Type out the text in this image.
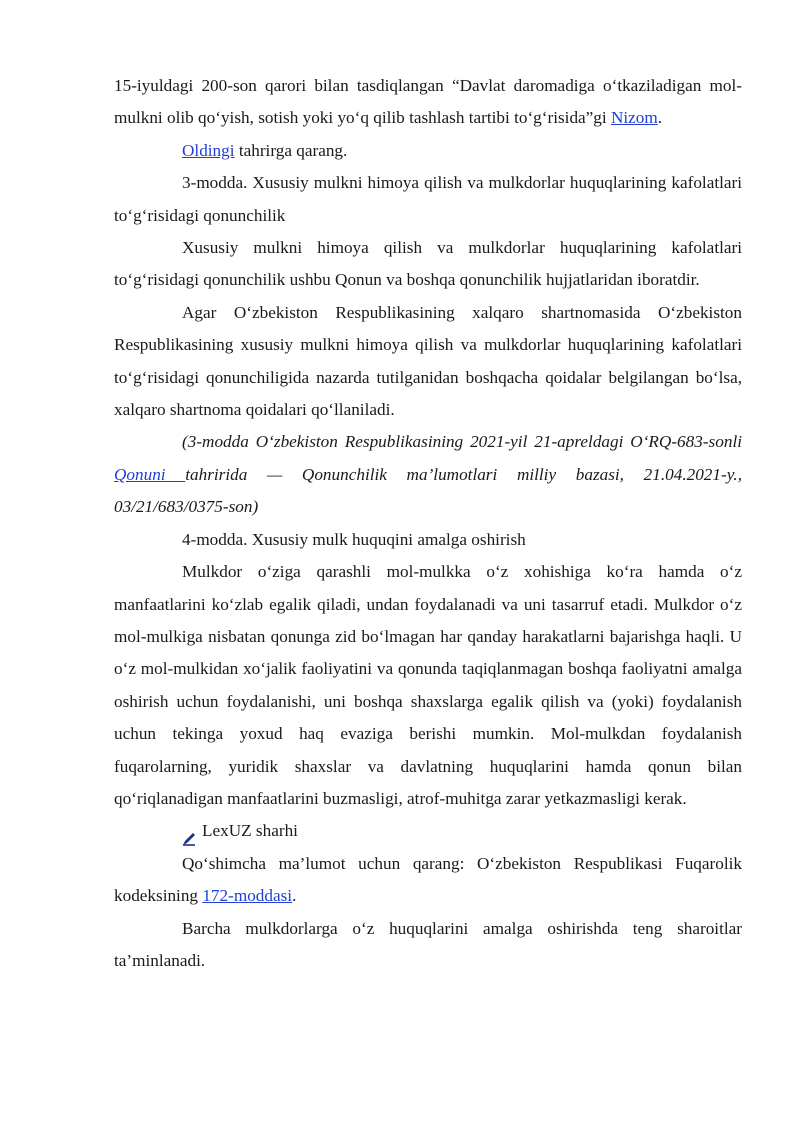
15-iyuldagi 200-son qarori bilan tasdiqlangan “Davlat daromadiga o‘tkaziladigan mol-mulkni olib qo‘yish, sotish yoki yo‘q qilib tashlash tartibi to‘g‘risida”gi Nizom.

Oldingi tahrirga qarang.

3-modda. Xususiy mulkni himoya qilish va mulkdorlar huquqlarining kafolatlari to‘g‘risidagi qonunchilik

Xususiy mulkni himoya qilish va mulkdorlar huquqlarining kafolatlari to‘g‘risidagi qonunchilik ushbu Qonun va boshqa qonunchilik hujjatlaridan iboratdir.

Agar O‘zbekiston Respublikasining xalqaro shartnomasida O‘zbekiston Respublikasining xususiy mulkni himoya qilish va mulkdorlar huquqlarining kafolatlari to‘g‘risidagi qonunchiligida nazarda tutilganidan boshqacha qoidalar belgilangan bo‘lsa, xalqaro shartnoma qoidalari qo‘llaniladi.

(3-modda O‘zbekiston Respublikasining 2021-yil 21-apreldagi O‘RQ-683-sonli Qonuni tahririda — Qonunchilik ma’lumotlari milliy bazasi, 21.04.2021-y., 03/21/683/0375-son)

4-modda. Xususiy mulk huquqini amalga oshirish

Mulkdor o‘ziga qarashli mol-mulkka o‘z xohishiga ko‘ra hamda o‘z manfaatlarini ko‘zlab egalik qiladi, undan foydalanadi va uni tasarruf etadi. Mulkdor o‘z mol-mulkiga nisbatan qonunga zid bo‘lmagan har qanday harakatlarni bajarishga haqli. U o‘z mol-mulkidan xo‘jalik faoliyatini va qonunda taqiqlanmagan boshqa faoliyatni amalga oshirish uchun foydalanishi, uni boshqa shaxslarga egalik qilish va (yoki) foydalanish uchun tekinga yoxud haq evaziga berishi mumkin. Mol-mulkdan foydalanish fuqarolarning, yuridik shaxslar va davlatning huquqlarini hamda qonun bilan qo‘riqlanadigan manfaatlarini buzmasligi, atrof-muhitga zarar yetkazmasligi kerak.

LexUZ sharhi

Qo‘shimcha ma’lumot uchun qarang: O‘zbekiston Respublikasi Fuqarolik kodeksining 172-moddasi.

Barcha mulkdorlarga o‘z huquqlarini amalga oshirishda teng sharoitlar ta’minlanadi.
